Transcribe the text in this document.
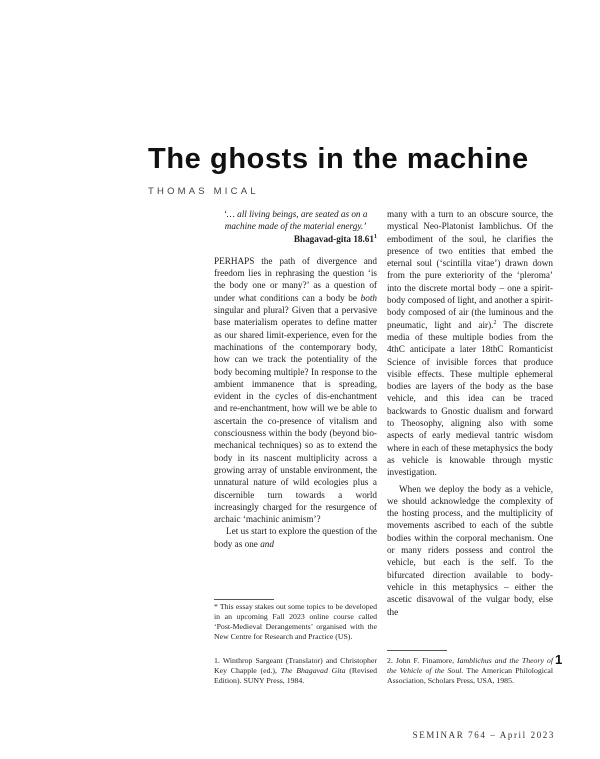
The ghosts in the machine
THOMAS MICAL

‘… all living beings, are seated as on a machine made of the material energy.’

Bhagavad-gita 18.61$^1$

PERHAPS the path of divergence and freedom lies in rephrasing the question ‘is the body one or many?’ as a question of under what conditions can a body be both singular and plural? Given that a pervasive base materialism operates to define matter as our shared limit-experience, even for the machinations of the contemporary body, how can we track the potentiality of the body becoming multiple? In response to the ambient immanence that is spreading, evident in the cycles of dis-enchantment and re-enchantment, how will we be able to ascertain the co-presence of vitalism and consciousness within the body (beyond bio-mechanical techniques) so as to extend the body in its nascent multiplicity across a growing array of unstable environment, the unnatural nature of wild ecologies plus a discernible turn towards a world increasingly charged for the resurgence of archaic ‘machinic animism’?

Let us start to explore the question of the body as one and

many with a turn to an obscure source, the mystical Neo-Platonist Iamblichus. Of the embodiment of the soul, he clarifies the presence of two entities that embed the eternal soul (‘scintilla vitae’) drawn down from the pure exteriority of the ‘pleroma’ into the discrete mortal body – one a spirit-body composed of light, and another a spirit-body composed of air (the luminous and the pneumatic, light and air).$^2$ The discrete media of these multiple bodies from the 4thC anticipate a later 18thC Romanticist Science of invisible forces that produce visible effects. These multiple ephemeral bodies are layers of the body as the base vehicle, and this idea can be traced backwards to Gnostic dualism and forward to Theosophy, aligning also with some aspects of early medieval tantric wisdom where in each of these metaphysics the body as vehicle is knowable through mystic investigation.

When we deploy the body as a vehicle, we should acknowledge the complexity of the hosting process, and the multiplicity of movements ascribed to each of the subtle bodies within the corporal mechanism. One or many riders possess and control the vehicle, but each is the self. To the bifurcated direction available to body-vehicle in this metaphysics – either the ascetic disavowal of the vulgar body, else the

* This essay stakes out some topics to be developed in an upcoming Fall 2023 online course called ‘Post-Medieval Derangements’ organised with the New Centre for Research and Practice (US).
1. Winthrop Sargeant (Translator) and Christopher Key Chapple (ed.), The Bhagavad Gita (Revised Edition). SUNY Press, 1984.
2. John F. Finamore, Iamblichus and the Theory of the Vehicle of the Soul. The American Philological Association, Scholars Press, USA, 1985.
1
SEMINAR 764 – April 2023
